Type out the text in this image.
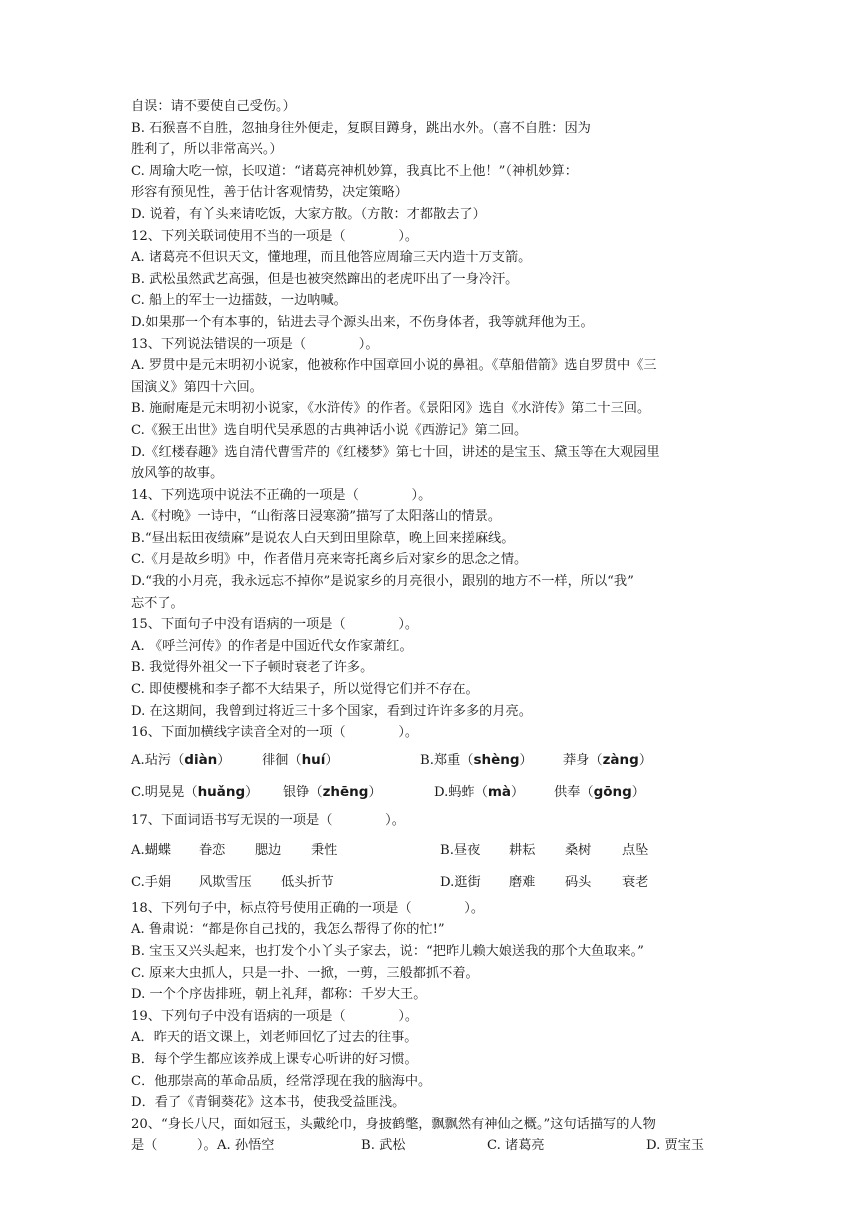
自误：请不要使自己受伤。）
B. 石猴喜不自胜，忽抽身往外便走，复瞑目蹲身，跳出水外。（喜不自胜：因为
胜利了，所以非常高兴。）
C. 周瑜大吃一惊，长叹道：“诸葛亮神机妙算，我真比不上他！”（神机妙算：
形容有预见性，善于估计客观情势，决定策略）
D. 说着，有丫头来请吃饭，大家方散。（方散：才都散去了）
12、下列关联词使用不当的一项是（　　　　）。
A. 诸葛亮不但识天文，懂地理，而且他答应周瑜三天内造十万支箭。
B. 武松虽然武艺高强，但是也被突然蹿出的老虎吓出了一身冷汗。
C. 船上的军士一边擂鼓，一边呐喊。
D.如果那一个有本事的，钻进去寻个源头出来，不伤身体者，我等就拜他为王。
13、下列说法错误的一项是（　　　　）。
A. 罗贯中是元末明初小说家，他被称作中国章回小说的鼻祖。《草船借箭》选自罗贯中《三
国演义》第四十六回。
B. 施耐庵是元末明初小说家，《水浒传》的作者。《景阳冈》选自《水浒传》第二十三回。
C.《猴王出世》选自明代吴承恩的古典神话小说《西游记》第二回。
D.《红楼春趣》选自清代曹雪芹的《红楼梦》第七十回，讲述的是宝玉、黛玉等在大观园里
放风筝的故事。
14、下列选项中说法不正确的一项是（　　　　）。
A.《村晚》一诗中，“山衔落日浸寒漪”描写了太阳落山的情景。
B.“昼出耘田夜绩麻”是说农人白天到田里除草，晚上回来搓麻线。
C.《月是故乡明》中，作者借月亮来寄托离乡后对家乡的思念之情。
D.“我的小月亮，我永远忘不掉你”是说家乡的月亮很小，跟别的地方不一样，所以“我”
忘不了。
15、下面句子中没有语病的一项是（　　　　）。
A. 《呼兰河传》的作者是中国近代女作家萧红。
B. 我觉得外祖父一下子顿时衰老了许多。
C. 即使樱桃和李子都不大结果子，所以觉得它们并不存在。
D. 在这期间，我曾到过将近三十多个国家，看到过许许多多的月亮。
16、下面加横线字读音全对的一项（　　　　）。
A.玷污（diàn） 徘徊（huí）	B.郑重（shèng） 莽身（zàng）
C.明晃晃（huǎng） 银铮（zhēng）	D.蚂蚱（mà） 供奉（gōng）
17、下面词语书写无误的一项是（　　　　）。
A.蝴蝶 眷恋 腮边 秉性	B.昼夜 耕耘 桑树 点坠
C.手娟 风欺雪压 低头折节	D.逛街 磨难 码头 衰老
18、下列句子中，标点符号使用正确的一项是（　　　　）。
A. 鲁肃说：“都是你自己找的，我怎么帮得了你的忙!”
B. 宝玉又兴头起来，也打发个小丫头子家去，说：“把昨儿赖大娘送我的那个大鱼取来。”
C. 原来大虫抓人，只是一扑、一掀，一剪，三般都抓不着。
D. 一个个序齿排班，朝上礼拜，都称：千岁大王。
19、下列句子中没有语病的一项是（　　　　）。
A．昨天的语文课上，刘老师回忆了过去的往事。
B．每个学生都应该养成上课专心听讲的好习惯。
C．他那崇高的革命品质，经常浮现在我的脑海中。
D．看了《青铜葵花》这本书，使我受益匪浅。
20、“身长八尺，面如冠玉，头戴纶巾，身披鹤氅，飘飘然有神仙之概。”这句话描写的人物
是（　　　）。 A. 孙悟空	B. 武松	C. 诸葛亮	D. 贾宝玉
